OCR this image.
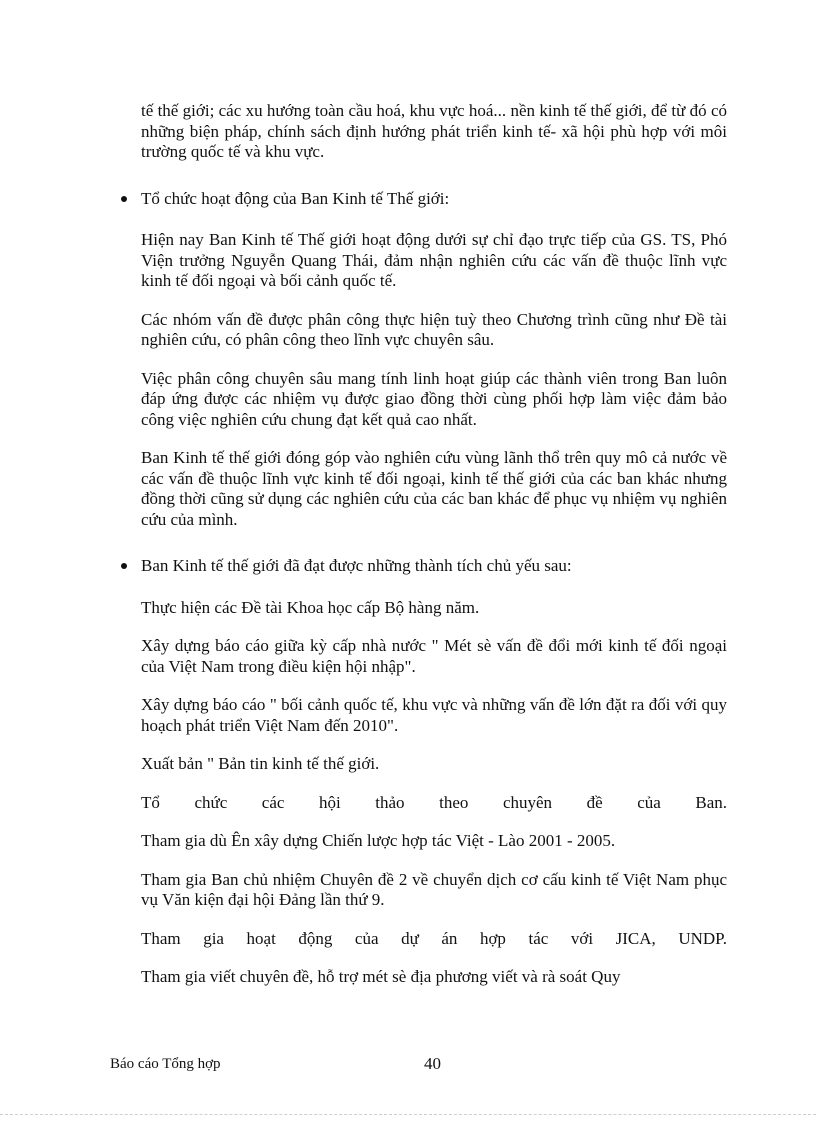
tế thế giới; các xu hướng toàn cầu hoá, khu vực hoá... nền kinh tế thế giới, để từ đó có những biện pháp, chính sách định hướng phát triển kinh tế- xã hội phù hợp với môi trường quốc tế và khu vực.

Tổ chức hoạt động của Ban Kinh tế Thế giới:

Hiện nay Ban Kinh tế Thế giới hoạt động dưới sự chỉ đạo trực tiếp của GS. TS, Phó Viện trưởng Nguyễn Quang Thái, đảm nhận nghiên cứu các vấn đề thuộc lĩnh vực kinh tế đối ngoại và bối cảnh quốc tế.

Các nhóm vấn đề được phân công thực hiện tuỳ theo Chương trình cũng như Đề tài nghiên cứu, có phân công theo lĩnh vực chuyên sâu.

Việc phân công chuyên sâu mang tính linh hoạt giúp các thành viên trong Ban luôn đáp ứng được các nhiệm vụ được giao đồng thời cùng phối hợp làm việc đảm bảo công việc nghiên cứu chung đạt kết quả cao nhất.

Ban Kinh tế thế giới đóng góp vào nghiên cứu vùng lãnh thổ trên quy mô cả nước về các vấn đề thuộc lĩnh vực kinh tế đối ngoại, kinh tế thế giới của các ban khác nhưng đồng thời cũng sử dụng các nghiên cứu của các ban khác để phục vụ nhiệm vụ nghiên cứu của mình.

Ban Kinh tế thế giới đã đạt được những thành tích chủ yếu sau:

Thực hiện các Đề tài Khoa học cấp Bộ hàng năm.

Xây dựng báo cáo giữa kỳ cấp nhà nước " Mét sè vấn đề đổi mới kinh tế đối ngoại của Việt Nam trong điều kiện hội nhập".

Xây dựng báo cáo " bối cảnh quốc tế, khu vực và những vấn đề lớn đặt ra đối với quy hoạch phát triển Việt Nam đến 2010".

Xuất bản " Bản tin kinh tế thế giới.

Tổ chức các hội thảo theo chuyên đề của Ban.

Tham gia dù Ên xây dựng Chiến lược hợp tác Việt - Lào 2001 - 2005.

Tham gia Ban chủ nhiệm Chuyên đề 2 về chuyển dịch cơ cấu kinh tế Việt Nam phục vụ Văn kiện đại hội Đảng lần thứ 9.

Tham gia hoạt động của dự án hợp tác với JICA, UNDP.

Tham gia viết chuyên đề, hỗ trợ mét sè địa phương viết và rà soát Quy

Báo cáo Tổng hợp	40
